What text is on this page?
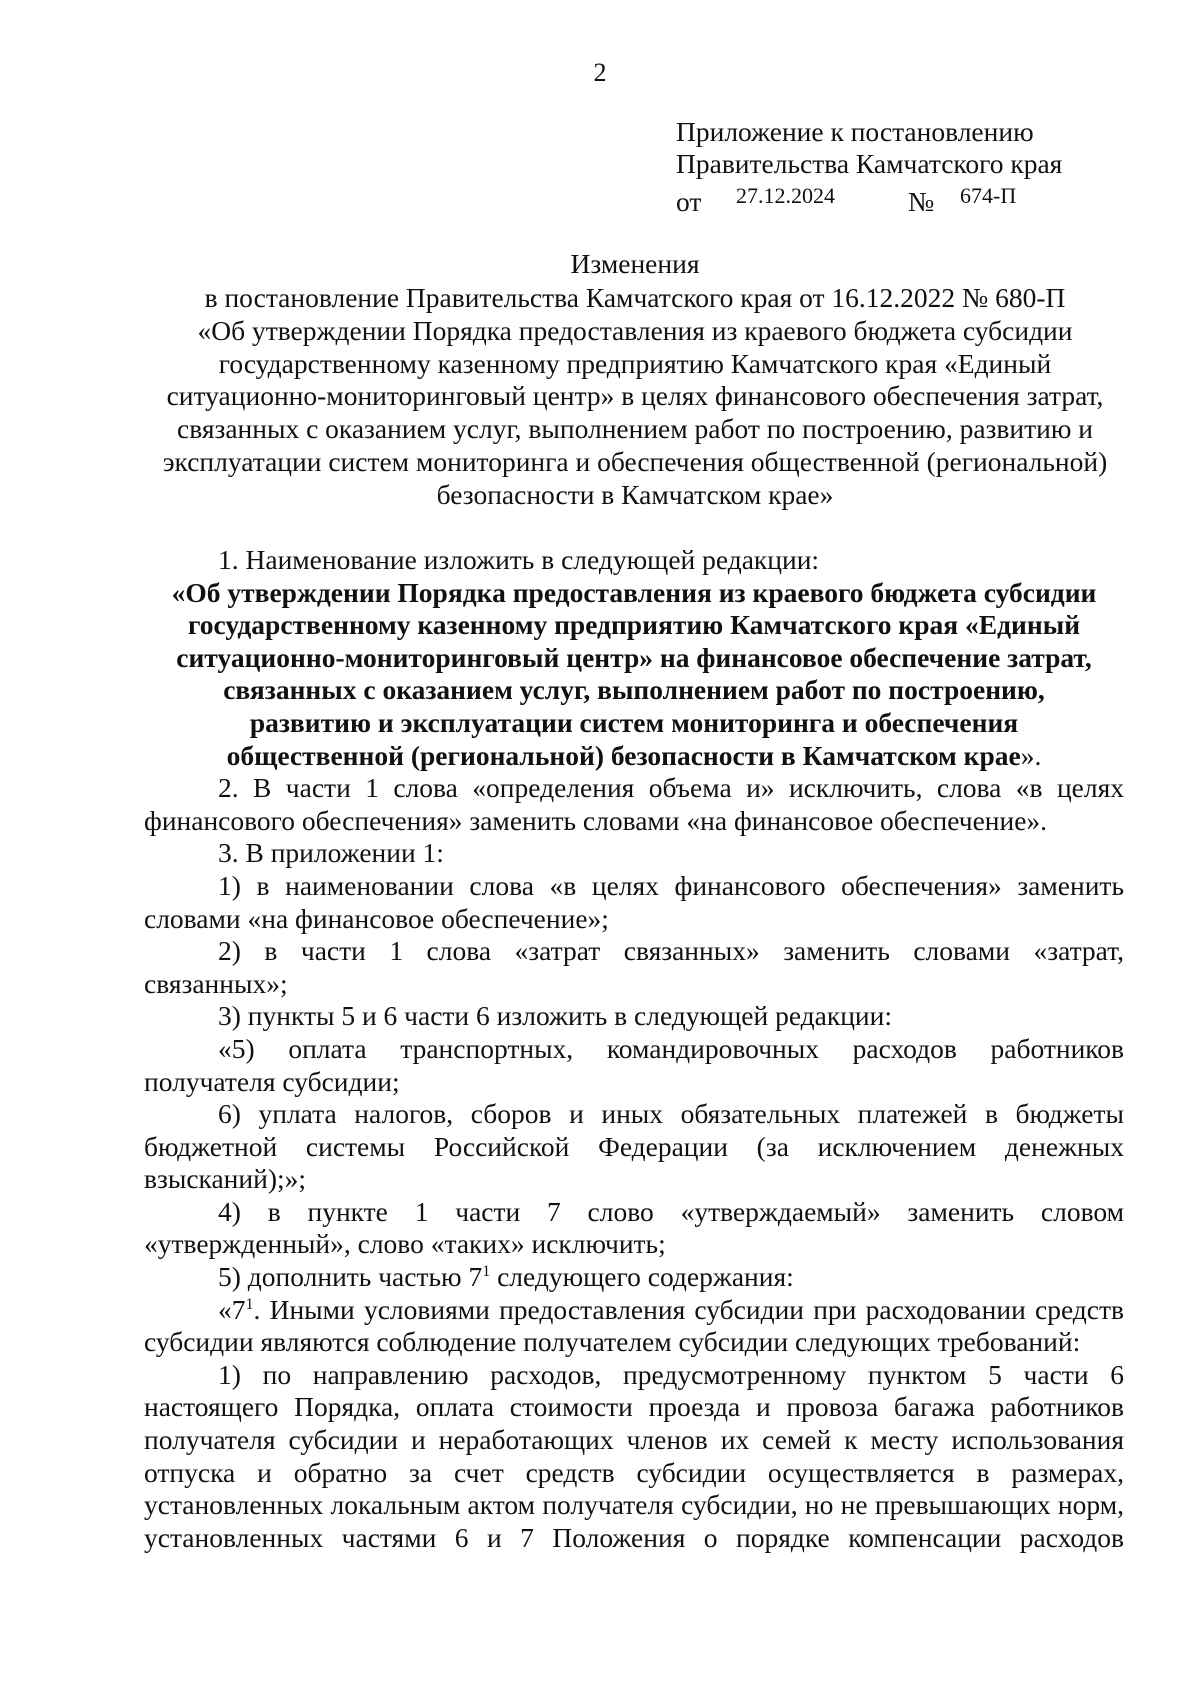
2
Приложение к постановлению
Правительства Камчатского края
от 27.12.2024	№ 674-П
Изменения
в постановление Правительства Камчатского края от 16.12.2022 № 680-П
«Об утверждении Порядка предоставления из краевого бюджета субсидии
государственному казенному предприятию Камчатского края «Единый
ситуационно-мониторинговый центр» в целях финансового обеспечения затрат,
связанных с оказанием услуг, выполнением работ по построению, развитию и
эксплуатации систем мониторинга и обеспечения общественной (региональной)
безопасности в Камчатском крае»

1. Наименование изложить в следующей редакции:

«Об утверждении Порядка предоставления из краевого бюджета субсидии
государственному казенному предприятию Камчатского края «Единый
ситуационно-мониторинговый центр» на финансовое обеспечение затрат,
связанных с оказанием услуг, выполнением работ по построению,
развитию и эксплуатации систем мониторинга и обеспечения
общественной (региональной) безопасности в Камчатском крае».

2. В части 1 слова «определения объема и» исключить, слова «в целях финансового обеспечения» заменить словами «на финансовое обеспечение».

3. В приложении 1:

1) в наименовании слова «в целях финансового обеспечения» заменить словами «на финансовое обеспечение»;

2) в части 1 слова «затрат связанных» заменить словами «затрат, связанных»;

3) пункты 5 и 6 части 6 изложить в следующей редакции:

«5) оплата транспортных, командировочных расходов работников получателя субсидии;

6) уплата налогов, сборов и иных обязательных платежей в бюджеты бюджетной системы Российской Федерации (за исключением денежных взысканий);»;

4) в пункте 1 части 7 слово «утверждаемый» заменить словом «утвержденный», слово «таких» исключить;

5) дополнить частью $7^1$ следующего содержания:

«$7^1$. Иными условиями предоставления субсидии при расходовании средств субсидии являются соблюдение получателем субсидии следующих требований:

1) по направлению расходов, предусмотренному пунктом 5 части 6 настоящего Порядка, оплата стоимости проезда и провоза багажа работников получателя субсидии и неработающих членов их семей к месту использования отпуска и обратно за счет средств субсидии осуществляется в размерах, установленных локальным актом получателя субсидии, но не превышающих норм, установленных частями 6 и 7 Положения о порядке компенсации расходов
